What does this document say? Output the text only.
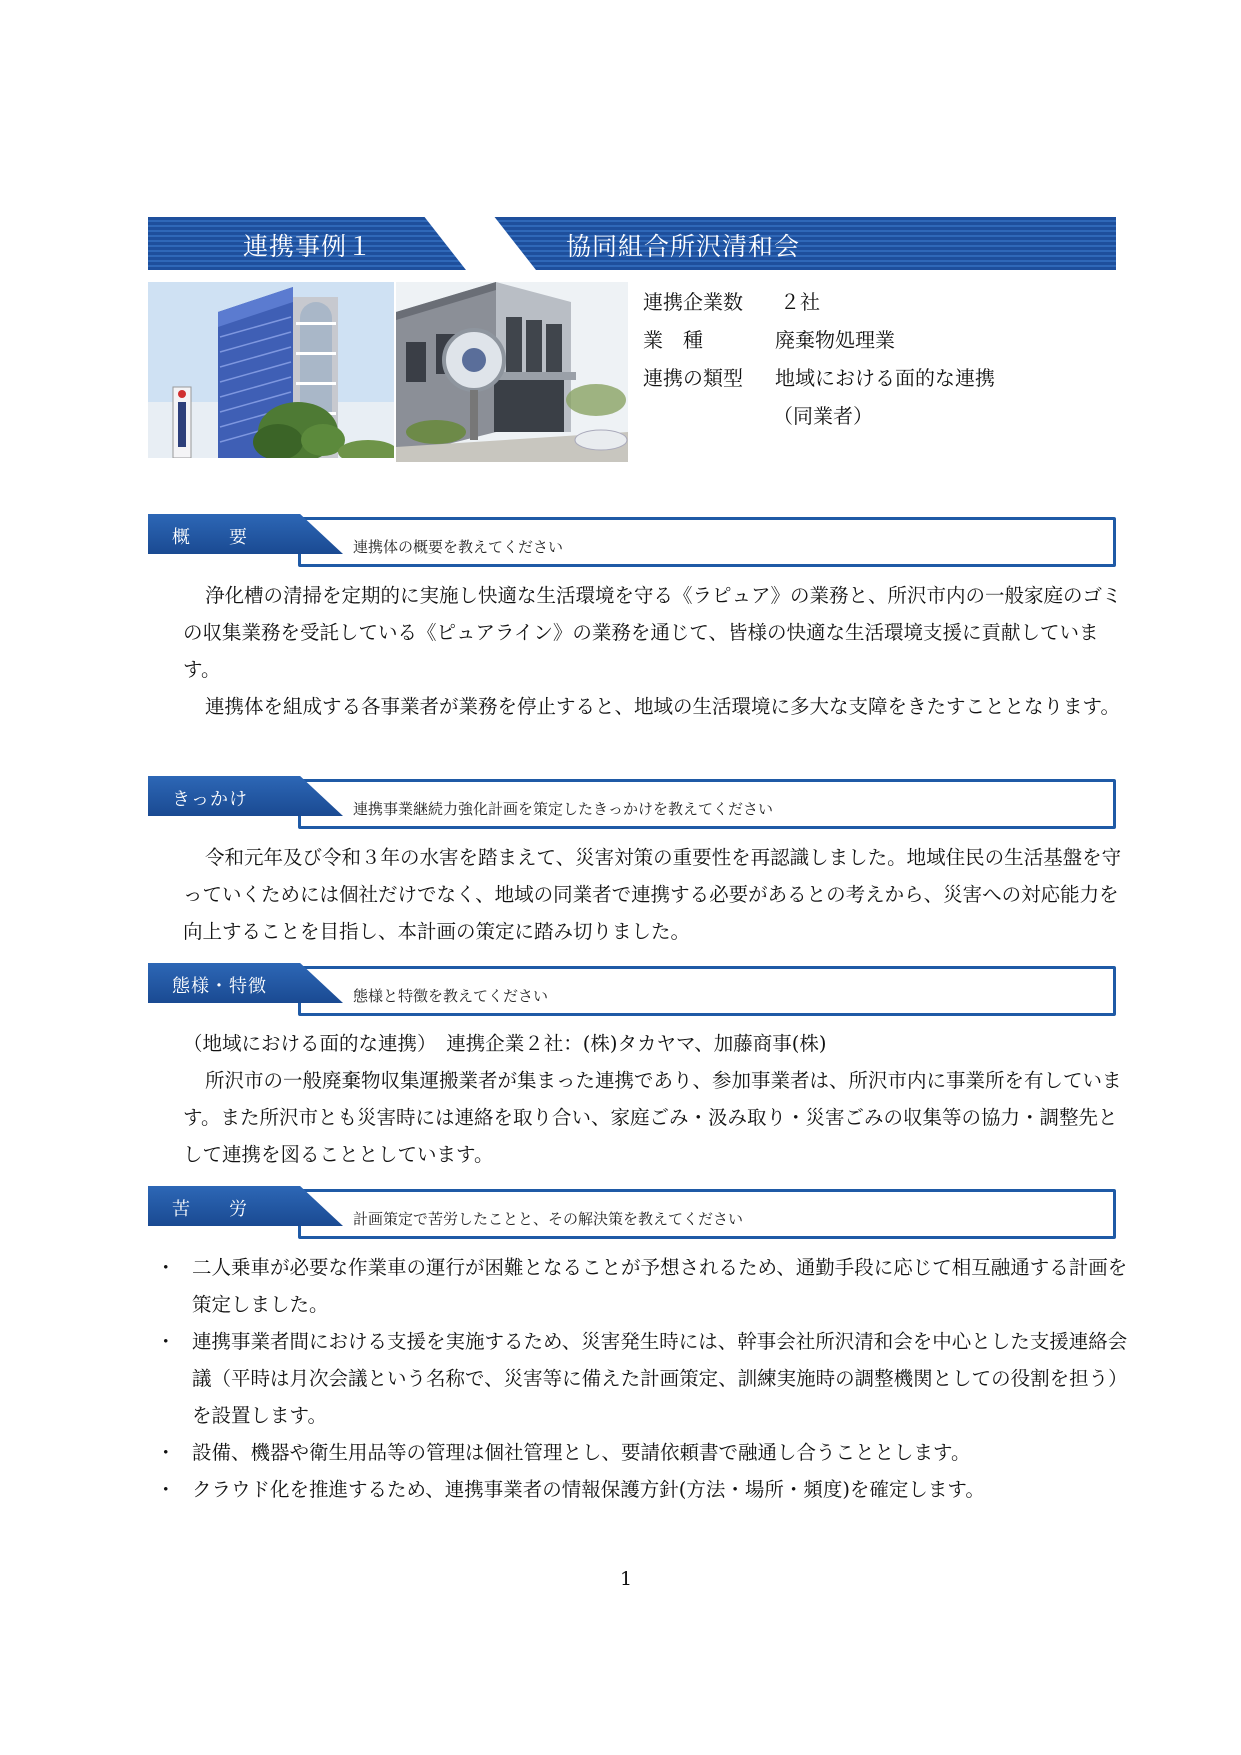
連携事例１	協同組合所沢清和会
連携企業数 ２社
業　種	廃棄物処理業
連携の類型 地域における面的な連携
（同業者）
概　　要	連携体の概要を教えてください

浄化槽の清掃を定期的に実施し快適な生活環境を守る《ラピュア》の業務と、所沢市内の一般家庭のゴミの収集業務を受託している《ピュアライン》の業務を通じて、皆様の快適な生活環境支援に貢献しています。

連携体を組成する各事業者が業務を停止すると、地域の生活環境に多大な支障をきたすこととなります。

きっかけ	連携事業継続力強化計画を策定したきっかけを教えてください

令和元年及び令和３年の水害を踏まえて、災害対策の重要性を再認識しました。地域住民の生活基盤を守っていくためには個社だけでなく、地域の同業者で連携する必要があるとの考えから、災害への対応能力を向上することを目指し、本計画の策定に踏み切りました。

態様・特徴	態様と特徴を教えてください

（地域における面的な連携）　連携企業２社：(株)タカヤマ、加藤商事(株)

所沢市の一般廃棄物収集運搬業者が集まった連携であり、参加事業者は、所沢市内に事業所を有しています。また所沢市とも災害時には連絡を取り合い、家庭ごみ・汲み取り・災害ごみの収集等の協力・調整先として連携を図ることとしています。

苦　　労	計画策定で苦労したことと、その解決策を教えてください
・ 二人乗車が必要な作業車の運行が困難となることが予想されるため、通勤手段に応じて相互融通する計画を策定しました。
・ 連携事業者間における支援を実施するため、災害発生時には、幹事会社所沢清和会を中心とした支援連絡会議（平時は月次会議という名称で、災害等に備えた計画策定、訓練実施時の調整機関としての役割を担う）を設置します。
・ 設備、機器や衛生用品等の管理は個社管理とし、要請依頼書で融通し合うこととします。
・ クラウド化を推進するため、連携事業者の情報保護方針(方法・場所・頻度)を確定します。
1
